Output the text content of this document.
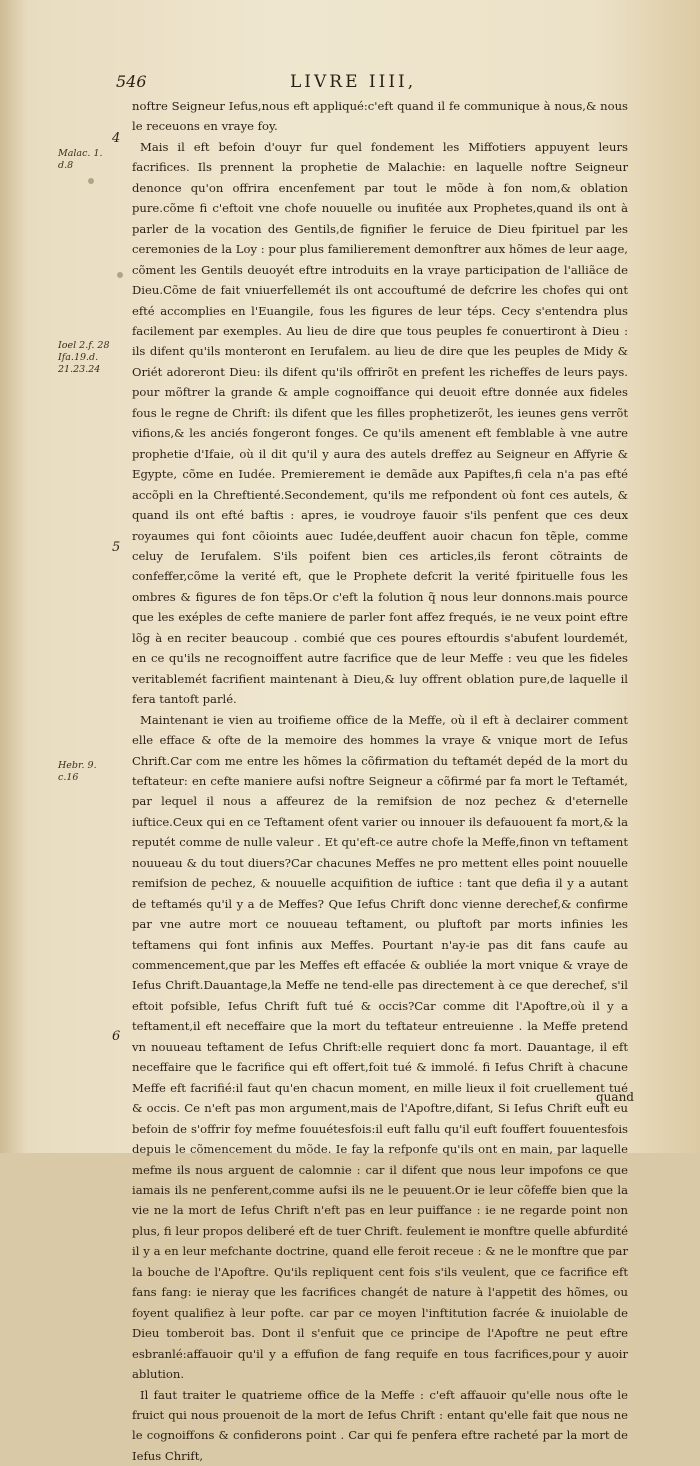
546	LIVRE IIII,
4
5
6
Malac. 1. d.8
Ioel 2.f. 28 Ifa.19.d. 21.23.24
Hebr. 9. c.16

noftre Seigneur Iefus,nous eft appliqué:c'eft quand il fe communique à nous,& nous le receuons en vraye foy.

Mais il eft befoin d'ouyr fur quel fondement les Miffotiers appuyent leurs facrifices. Ils prennent la prophetie de Malachie: en laquelle noftre Seigneur denonce qu'on offrira encenfement par tout le mõde à fon nom,& oblation pure.cõme fi c'eftoit vne chofe nouuelle ou inufitée aux Prophetes,quand ils ont à parler de la vocation des Gentils,de fignifier le feruice de Dieu fpirituel par les ceremonies de la Loy : pour plus familierement demonftrer aux hõmes de leur aage, cõment les Gentils deuoyét eftre introduits en la vraye participation de l'alliãce de Dieu.Cõme de fait vniuerfellemét ils ont accouftumé de defcrire les chofes qui ont efté accomplies en l'Euangile, fous les figures de leur téps. Cecy s'entendra plus facilement par exemples. Au lieu de dire que tous peuples fe conuertiront à Dieu : ils difent qu'ils monteront en Ierufalem. au lieu de dire que les peuples de Midy & Oriét adoreront Dieu: ils difent qu'ils offrirõt en prefent les richeffes de leurs pays. pour mõftrer la grande & ample cognoiffance qui deuoit eftre donnée aux fideles fous le regne de Chrift: ils difent que les filles prophetizerõt, les ieunes gens verrõt vifions,& les anciés fongeront fonges. Ce qu'ils amenent eft femblable à vne autre prophetie d'Ifaie, où il dit qu'il y aura des autels dreffez au Seigneur en Affyrie & Egypte, cõme en Iudée. Premierement ie demãde aux Papiftes,fi cela n'a pas efté accõpli en la Chreftienté.Secondement, qu'ils me refpondent où font ces autels, & quand ils ont efté baftis : apres, ie voudroye fauoir s'ils penfent que ces deux royaumes qui font cõioints auec Iudée,deuffent auoir chacun fon tẽple, comme celuy de Ierufalem. S'ils poifent bien ces articles,ils feront cõtraints de confeffer,cõme la verité eft, que le Prophete defcrit la verité fpirituelle fous les ombres & figures de fon tẽps.Or c'eft la folution q̃ nous leur donnons.mais pource que les exéples de cefte maniere de parler font affez frequés, ie ne veux point eftre lõg à en reciter beaucoup . combié que ces poures eftourdis s'abufent lourdemét, en ce qu'ils ne recognoiffent autre facrifice que de leur Meffe : veu que les fideles veritablemét facrifient maintenant à Dieu,& luy offrent oblation pure,de laquelle il fera tantoft parlé.

Maintenant ie vien au troifieme office de la Meffe, où il eft à declairer comment elle efface & ofte de la memoire des hommes la vraye & vnique mort de Iefus Chrift.Car com me entre les hõmes la cõfirmation du teftamét depéd de la mort du teftateur: en cefte maniere aufsi noftre Seigneur a cõfirmé par fa mort le Teftamét, par lequel il nous a affeurez de la remifsion de noz pechez & d'eternelle iuftice.Ceux qui en ce Teftament ofent varier ou innouer ils defauouent fa mort,& la reputét comme de nulle valeur . Et qu'eft-ce autre chofe la Meffe,finon vn teftament nouueau & du tout diuers?Car chacunes Meffes ne pro mettent elles point nouuelle remifsion de pechez, & nouuelle acquifition de iuftice : tant que defia il y a autant de teftamés qu'il y a de Meffes? Que Iefus Chrift donc vienne derechef,& confirme par vne autre mort ce nouueau teftament, ou pluftoft par morts infinies les teftamens qui font infinis aux Meffes. Pourtant n'ay-ie pas dit fans caufe au commencement,que par les Meffes eft effacée & oubliée la mort vnique & vraye de Iefus Chrift.Dauantage,la Meffe ne tend-elle pas directement à ce que derechef, s'il eftoit pofsible, Iefus Chrift fuft tué & occis?Car comme dit l'Apoftre,où il y a teftament,il eft neceffaire que la mort du teftateur entreuienne . la Meffe pretend vn nouueau teftament de Iefus Chrift:elle requiert donc fa mort. Dauantage, il eft neceffaire que le facrifice qui eft offert,foit tué & immolé. fi Iefus Chrift à chacune Meffe eft facrifié:il faut qu'en chacun moment, en mille lieux il foit cruellement tué & occis. Ce n'eft pas mon argument,mais de l'Apoftre,difant, Si Iefus Chrift euft eu befoin de s'offrir foy mefme fouuétesfois:il euft fallu qu'il euft fouffert fouuentesfois depuis le cõmencement du mõde. Ie fay la refponfe qu'ils ont en main, par laquelle mefme ils nous arguent de calomnie : car il difent que nous leur impofons ce que iamais ils ne penferent,comme aufsi ils ne le peuuent.Or ie leur cõfeffe bien que la vie ne la mort de Iefus Chrift n'eft pas en leur puiffance : ie ne regarde point non plus, fi leur propos deliberé eft de tuer Chrift. feulement ie monftre quelle abfurdité il y a en leur mefchante doctrine, quand elle feroit receue : & ne le monftre que par la bouche de l'Apoftre. Qu'ils repliquent cent fois s'ils veulent, que ce facrifice eft fans fang: ie nieray que les facrifices changét de nature à l'appetit des hõmes, ou foyent qualifiez à leur pofte. car par ce moyen l'inftitution facrée & inuiolable de Dieu tomberoit bas. Dont il s'enfuit que ce principe de l'Apoftre ne peut eftre esbranlé:affauoir qu'il y a effufion de fang requife en tous facrifices,pour y auoir ablution.

Il faut traiter le quatrieme office de la Meffe : c'eft affauoir qu'elle nous ofte le fruict qui nous prouenoit de la mort de Iefus Chrift : entant qu'elle fait que nous ne le cognoiffons & confiderons point . Car qui fe penfera eftre racheté par la mort de Iefus Chrift,

quand
